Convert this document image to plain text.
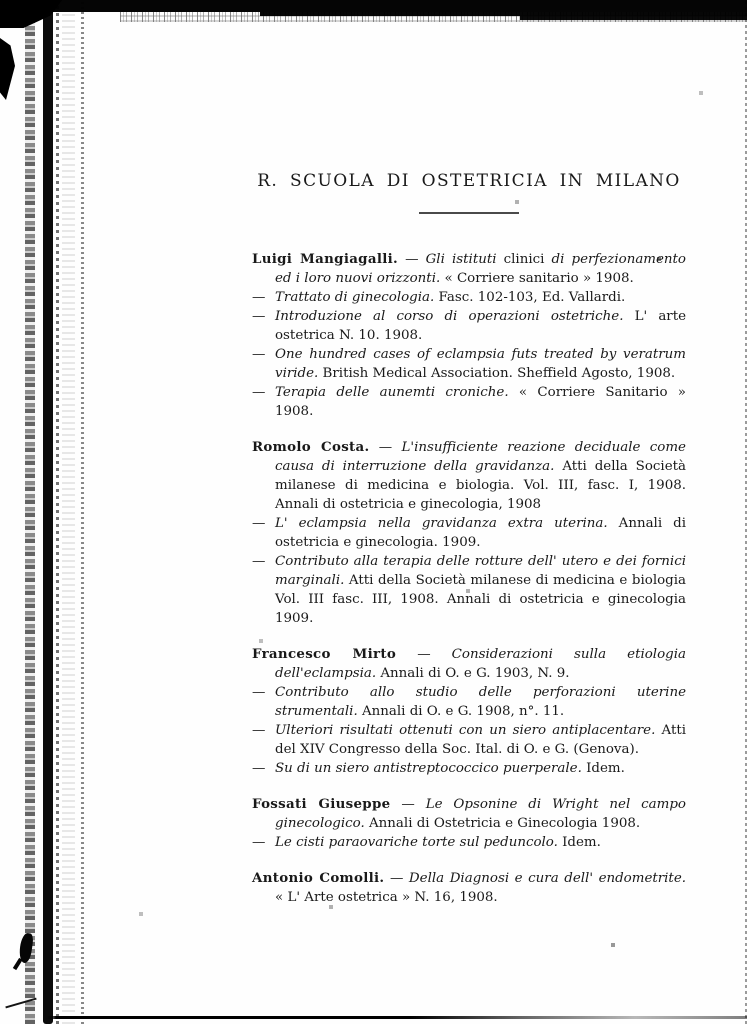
R. SCUOLA DI OSTETRICIA IN MILANO

Luigi Mangiagalli. — Gli istituti clinici di perfezionamento ed i loro nuovi orizzonti. « Corriere sanitario » 1908.

— Trattato di ginecologia. Fasc. 102-103, Ed. Vallardi.

— Introduzione al corso di operazioni ostetriche. L' arte ostetrica N. 10. 1908.

— One hundred cases of eclampsia futs treated by veratrum viride. British Medical Association. Sheffield Agosto, 1908.

— Terapia delle aunemti croniche. « Corriere Sanitario » 1908.

Romolo Costa. — L'insufficiente reazione deciduale come causa di interruzione della gravidanza. Atti della Società milanese di medicina e biologia. Vol. III, fasc. I, 1908. Annali di ostetricia e ginecologia, 1908

— L' eclampsia nella gravidanza extra uterina. Annali di ostetricia e ginecologia. 1909.

— Contributo alla terapia delle rotture dell' utero e dei fornici marginali. Atti della Società milanese di medicina e biologia Vol. III fasc. III, 1908. Annali di ostetricia e ginecologia 1909.

Francesco Mirto — Considerazioni sulla etiologia dell'eclampsia. Annali di O. e G. 1903, N. 9.

— Contributo allo studio delle perforazioni uterine strumentali. Annali di O. e G. 1908, n°. 11.

— Ulteriori risultati ottenuti con un siero antiplacentare. Atti del XIV Congresso della Soc. Ital. di O. e G. (Genova).

— Su di un siero antistreptococcico puerperale. Idem.

Fossati Giuseppe — Le Opsonine di Wright nel campo ginecologico. Annali di Ostetricia e Ginecologia 1908.

— Le cisti paraovariche torte sul peduncolo. Idem.

Antonio Comolli. — Della Diagnosi e cura dell' endometrite. « L' Arte ostetrica » N. 16, 1908.
